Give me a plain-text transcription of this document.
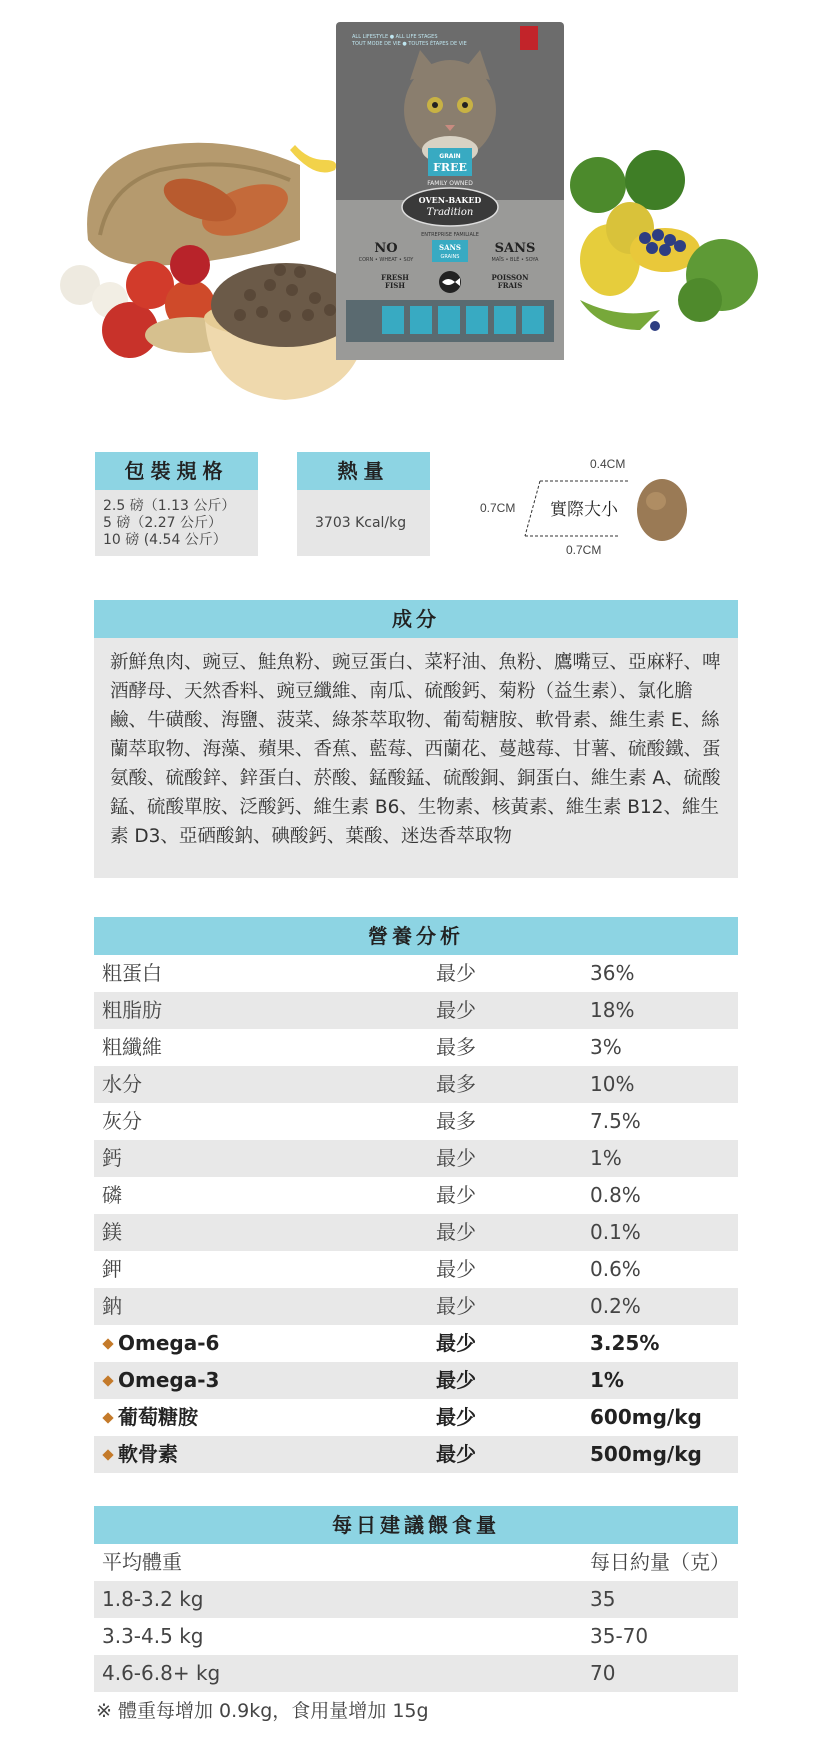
ALL LIFESTYLE ● ALL LIFE STAGES
TOUT MODE DE VIE ● TOUTES ÉTAPES DE VIE
GRAIN
FREE
FAMILY OWNED
OVEN-BAKED
Tradition
ENTREPRISE FAMILIALE
NO
CORN • WHEAT • SOY
SANS
GRAINS
SANS
MAÏS • BLÉ • SOYA
FRESH
FISH
POISSON
FRAIS
包裝規格
2.5 磅（1.13 公斤）
5 磅（2.27 公斤）
10 磅 (4.54 公斤）
熱量
3703 Kcal/kg
0.4CM
0.7CM
0.7CM
實際大小
成分
新鮮魚肉、豌豆、鮭魚粉、豌豆蛋白、菜籽油、魚粉、鷹嘴豆、亞麻籽、啤酒酵母、天然香料、豌豆纖維、南瓜、硫酸鈣、菊粉（益生素）、氯化膽鹼、牛磺酸、海鹽、菠菜、綠茶萃取物、葡萄糖胺、軟骨素、維生素 E、絲蘭萃取物、海藻、蘋果、香蕉、藍莓、西蘭花、蔓越莓、甘薯、硫酸鐵、蛋氨酸、硫酸鋅、鋅蛋白、菸酸、錳酸錳、硫酸銅、銅蛋白、維生素 A、硫酸錳、硫酸單胺、泛酸鈣、維生素 B6、生物素、核黃素、維生素 B12、維生素 D3、亞硒酸鈉、碘酸鈣、葉酸、迷迭香萃取物
營養分析
粗蛋白	最少	36%
粗脂肪	最少	18%
粗纖維	最多	3%
水分	最多	10%
灰分	最多	7.5%
鈣	最少	1%
磷	最少	0.8%
鎂	最少	0.1%
鉀	最少	0.6%
鈉	最少	0.2%
Omega-6	最少	3.25%
Omega-3	最少	1%
葡萄糖胺	最少	600mg/kg
軟骨素	最少	500mg/kg
每日建議餵食量
平均體重	每日約量（克）
1.8-3.2 kg	35
3.3-4.5 kg	35-70
4.6-6.8+ kg	70
※ 體重每增加 0.9kg，食用量增加 15g
